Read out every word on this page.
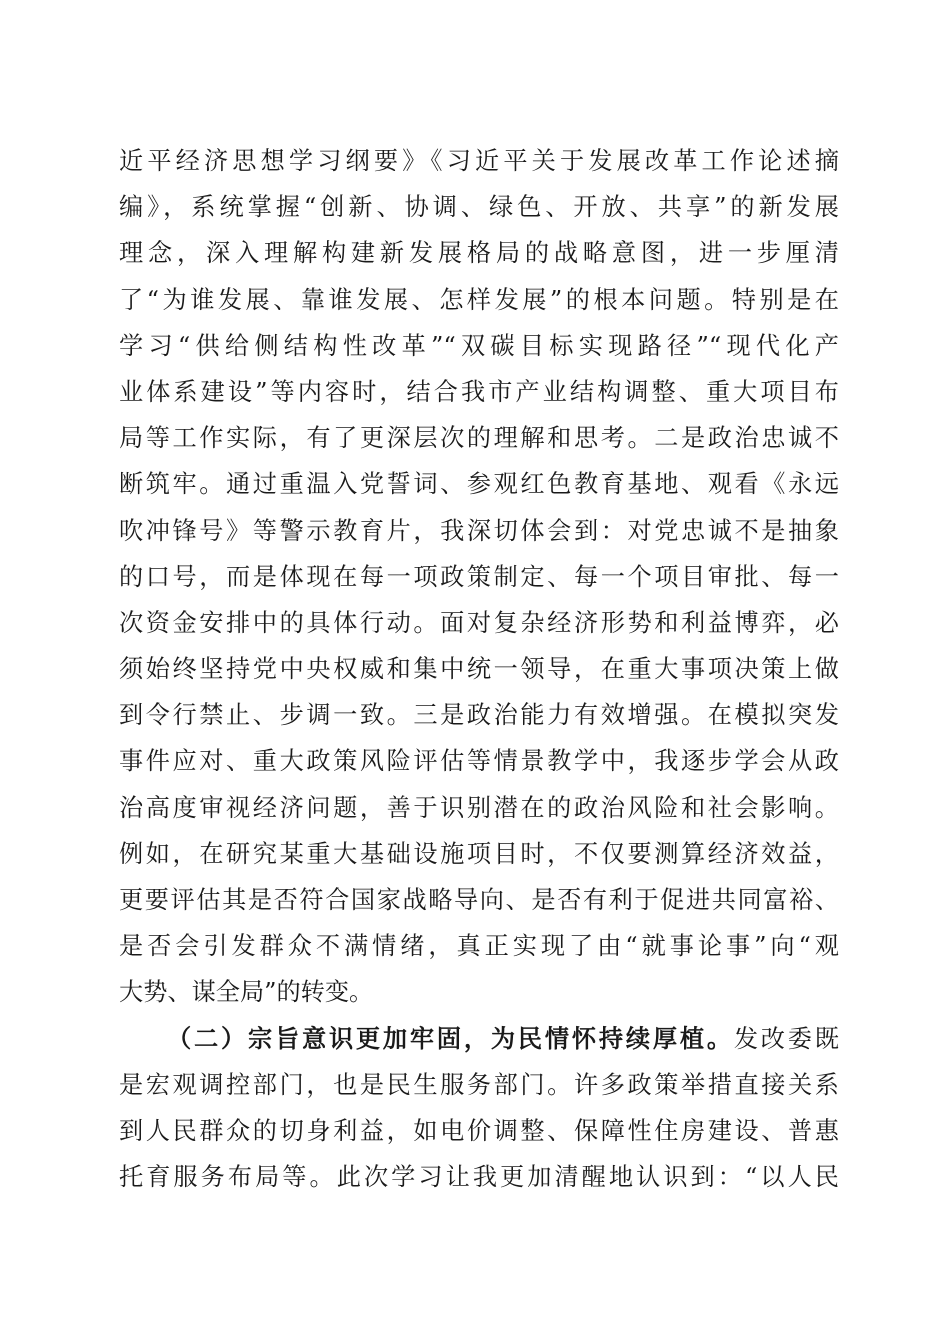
近平经济思想学习纲要》《习近平关于发展改革工作论述摘
编》，系统掌握“创新、协调、绿色、开放、共享”的新发展
理念，深入理解构建新发展格局的战略意图，进一步厘清
了“为谁发展、靠谁发展、怎样发展”的根本问题。特别是在
学习“供给侧结构性改革”“双碳目标实现路径”“现代化产
业体系建设”等内容时，结合我市产业结构调整、重大项目布
局等工作实际，有了更深层次的理解和思考。二是政治忠诚不
断筑牢。通过重温入党誓词、参观红色教育基地、观看《永远
吹冲锋号》等警示教育片，我深切体会到：对党忠诚不是抽象
的口号，而是体现在每一项政策制定、每一个项目审批、每一
次资金安排中的具体行动。面对复杂经济形势和利益博弈，必
须始终坚持党中央权威和集中统一领导，在重大事项决策上做
到令行禁止、步调一致。三是政治能力有效增强。在模拟突发
事件应对、重大政策风险评估等情景教学中，我逐步学会从政
治高度审视经济问题，善于识别潜在的政治风险和社会影响。
例如，在研究某重大基础设施项目时，不仅要测算经济效益，
更要评估其是否符合国家战略导向、是否有利于促进共同富裕、
是否会引发群众不满情绪，真正实现了由“就事论事”向“观
大势、谋全局”的转变。
（二）宗旨意识更加牢固，为民情怀持续厚植。发改委既
是宏观调控部门，也是民生服务部门。许多政策举措直接关系
到人民群众的切身利益，如电价调整、保障性住房建设、普惠
托育服务布局等。此次学习让我更加清醒地认识到：“以人民
